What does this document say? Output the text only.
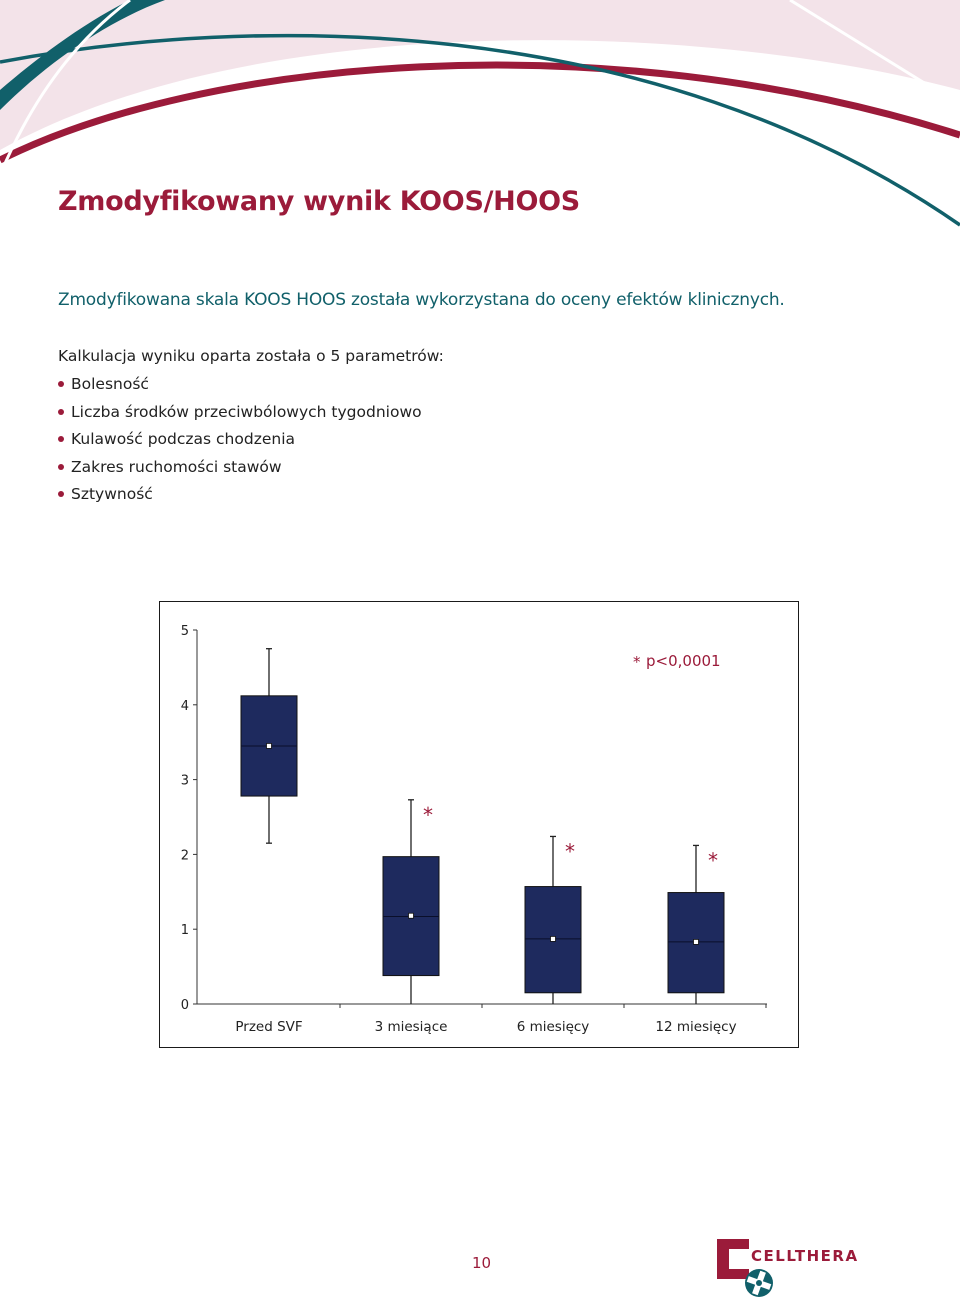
Zmodyfikowany wynik KOOS/HOOS

Zmodyfikowana skala KOOS HOOS została wykorzystana do oceny efektów klinicznych.

Kalkulacja wyniku oparta została o 5 parametrów:

Bolesność
Liczba środków przeciwbólowych tygodniowo
Kulawość podczas chodzenia
Zakres ruchomości stawów
Sztywność
0
1
2
3
4
5
Przed SVF
*
3 miesiące
*
6 miesięcy
*
12 miesięcy
* p<0,0001
10	CELLTHERA
